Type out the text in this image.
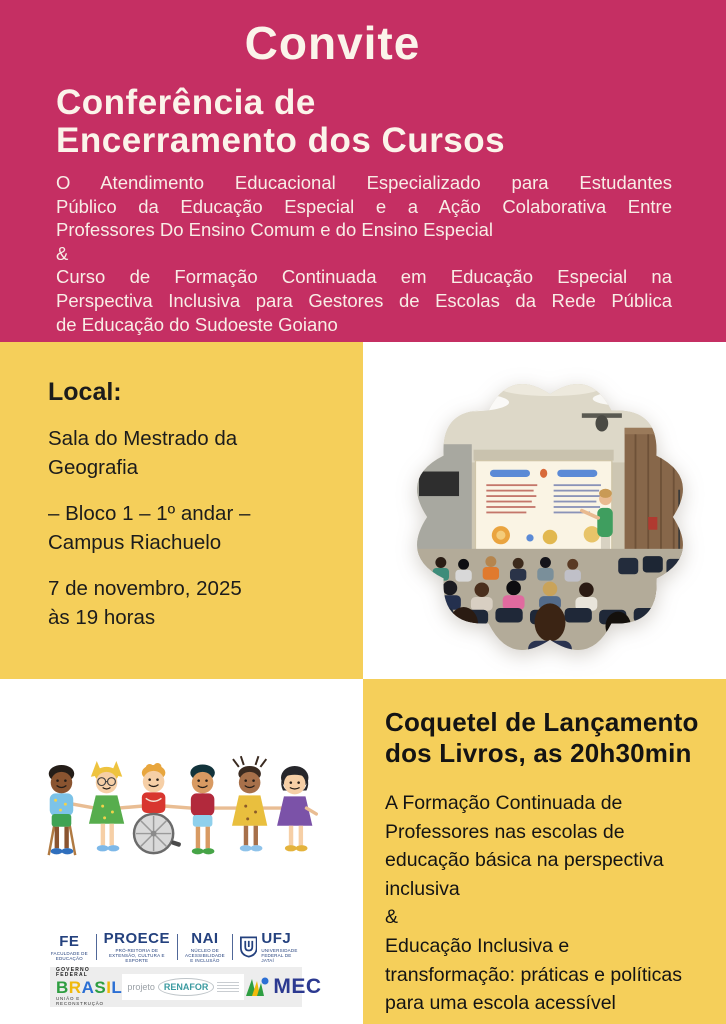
Convite
Conferência de
Encerramento dos Cursos
O Atendimento Educacional Especializado para Estudantes
Público da Educação Especial e a Ação Colaborativa Entre
Professores Do Ensino Comum e do Ensino Especial
&
Curso de Formação Continuada em Educação Especial na
Perspectiva Inclusiva para Gestores de Escolas da Rede Pública
de Educação do Sudoeste Goiano
Local:
Sala do Mestrado da
Geografia
– Bloco 1 – 1º andar –
Campus Riachuelo
7 de novembro, 2025
às 19 horas
FE
FACULDADE DE EDUCAÇÃO
PROECE
PRÓ-REITORIA DE EXTENSÃO, CULTURA E ESPORTE
NAI
NÚCLEO DE ACESSIBILIDADE E INCLUSÃO
UFJ
UNIVERSIDADE FEDERAL DE JATAÍ
GOVERNO FEDERAL
BRASIL
UNIÃO E RECONSTRUÇÃO
projeto	RENAFOR	MEC
Coquetel de Lançamento
dos Livros, as 20h30min
A Formação Continuada de
Professores nas escolas de
educação básica na perspectiva
inclusiva
&
Educação Inclusiva e
transformação: práticas e políticas
para uma escola acessível
